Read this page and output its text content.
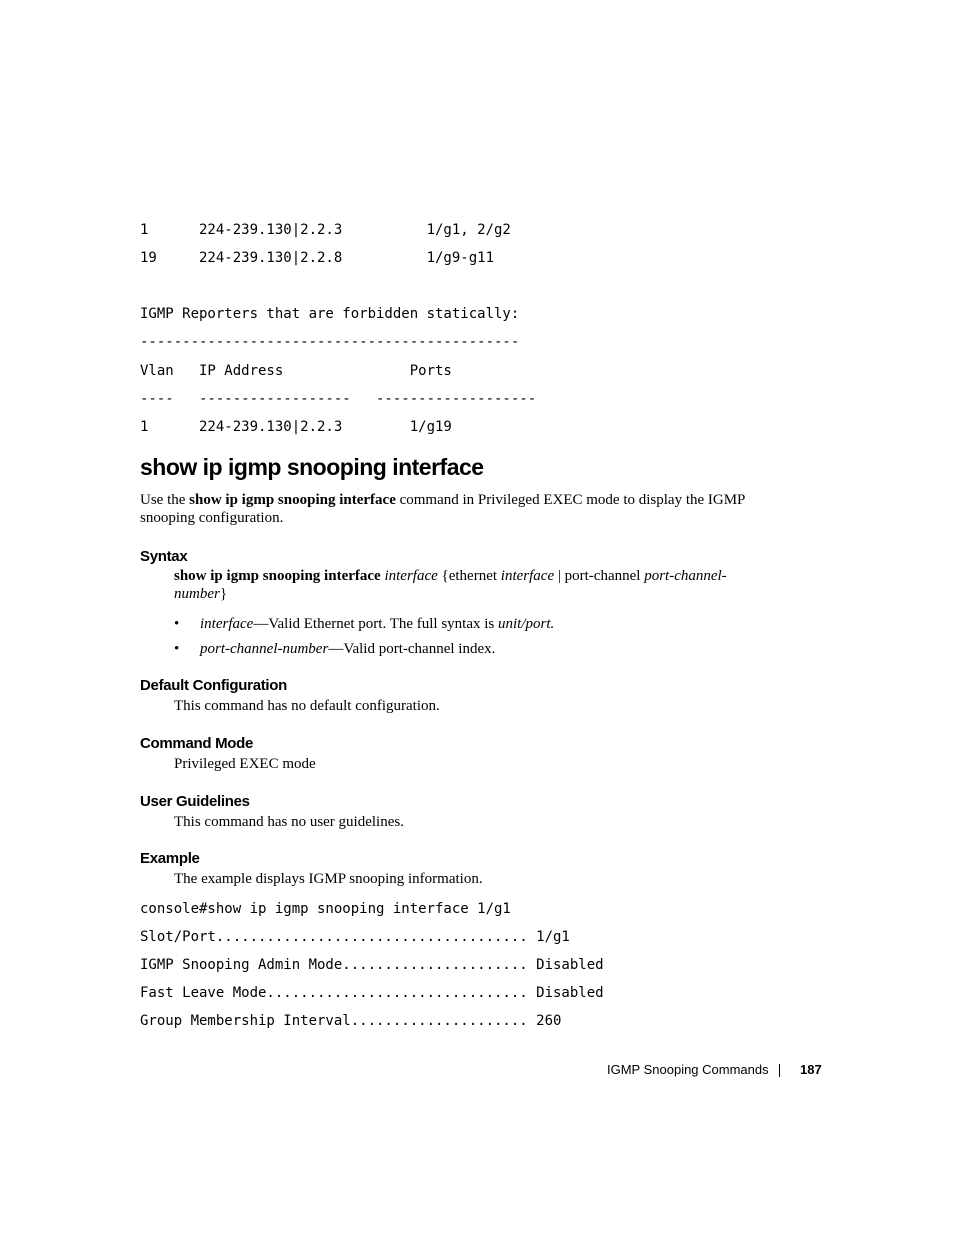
1      224-239.130|2.2.3          1/g1, 2/g2
19     224-239.130|2.2.8          1/g9-g11
IGMP Reporters that are forbidden statically:
---------------------------------------------
Vlan   IP Address               Ports
----   ------------------   -------------------
1      224-239.130|2.2.3        1/g19
show ip igmp snooping interface

Use the show ip igmp snooping interface command in Privileged EXEC mode to display the IGMP snooping configuration.

Syntax

show ip igmp snooping interface interface {ethernet interface | port-channel port-channel-number}

• interface—Valid Ethernet port. The full syntax is unit/port.

• port-channel-number—Valid port-channel index.

Default Configuration

This command has no default configuration.

Command Mode

Privileged EXEC mode

User Guidelines

This command has no user guidelines.

Example

The example displays IGMP snooping information.

console#show ip igmp snooping interface 1/g1
Slot/Port..................................... 1/g1
IGMP Snooping Admin Mode...................... Disabled
Fast Leave Mode............................... Disabled
Group Membership Interval..................... 260
IGMP Snooping Commands 187
